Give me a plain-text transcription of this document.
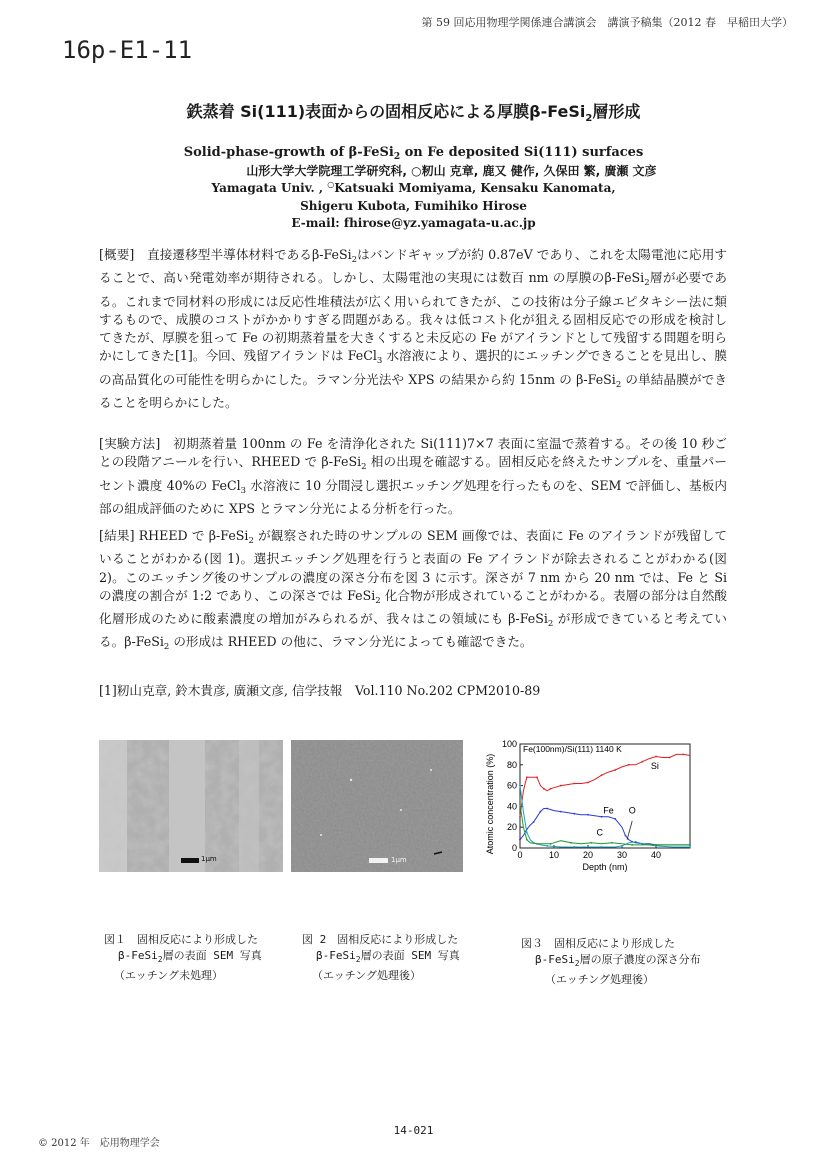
第 59 回応用物理学関係連合講演会　講演予稿集（2012 春　早稲田大学）
16p-E1-11
鉄蒸着 Si(111)表面からの固相反応による厚膜β-FeSi$_2$層形成
Solid-phase-growth of β-FeSi$_2$ on Fe deposited Si(111) surfaces
山形大学大学院理工学研究科, ○籾山 克章, 鹿又 健作, 久保田 繁, 廣瀬 文彦
Yamagata Univ. , ○Katsuaki Momiyama, Kensaku Kanomata,
Shigeru Kubota, Fumihiko Hirose
E-mail: fhirose@yz.yamagata-u.ac.jp
[概要]　直接遷移型半導体材料であるβ-FeSi$_2$はバンドギャップが約 0.87eV であり、これを太陽電池に応用することで、高い発電効率が期待される。しかし、太陽電池の実現には数百 nm の厚膜のβ-FeSi$_2$層が必要である。これまで同材料の形成には反応性堆積法が広く用いられてきたが、この技術は分子線エピタキシー法に類するもので、成膜のコストがかかりすぎる問題がある。我々は低コスト化が狙える固相反応での形成を検討してきたが、厚膜を狙って Fe の初期蒸着量を大きくすると未反応の Fe がアイランドとして残留する問題を明らかにしてきた[1]。今回、残留アイランドは FeCl$_3$ 水溶液により、選択的にエッチングできることを見出し、膜の高品質化の可能性を明らかにした。ラマン分光法や XPS の結果から約 15nm の β-FeSi$_2$ の単結晶膜ができることを明らかにした。
[実験方法]　初期蒸着量 100nm の Fe を清浄化された Si(111)7×7 表面に室温で蒸着する。その後 10 秒ごとの段階アニールを行い、RHEED で β-FeSi$_2$ 相の出現を確認する。固相反応を終えたサンプルを、重量パーセント濃度 40%の FeCl$_3$ 水溶液に 10 分間浸し選択エッチング処理を行ったものを、SEM で評価し、基板内部の組成評価のために XPS とラマン分光による分析を行った。
[結果] RHEED で β-FeSi$_2$ が観察された時のサンプルの SEM 画像では、表面に Fe のアイランドが残留していることがわかる(図 1)。選択エッチング処理を行うと表面の Fe アイランドが除去されることがわかる(図 2)。このエッチング後のサンプルの濃度の深さ分布を図 3 に示す。深さが 7 nm から 20 nm では、Fe と Si の濃度の割合が 1:2 であり、この深さでは FeSi$_2$ 化合物が形成されていることがわかる。表層の部分は自然酸化層形成のために酸素濃度の増加がみられるが、我々はこの領域にも β-FeSi$_2$ が形成できていると考えている。β-FeSi$_2$ の形成は RHEED の他に、ラマン分光によっても確認できた。
[1]籾山克章, 鈴木貴彦, 廣瀬文彦, 信学技報　Vol.110 No.202 CPM2010-89
1μm	1μm
0
20
40
60
80
100
0	10	20	30	40
Depth (nm)
Atomic concentration (%)
Fe(100nm)/Si(111) 1140 K
Si
Fe O
C
図１　固相反応により形成した
β-FeSi$_2$層の表面 SEM 写真
（エッチング未処理）
図 2　固相反応により形成した
β-FeSi$_2$層の表面 SEM 写真
（エッチング処理後）
図３　固相反応により形成した
β-FeSi$_2$層の原子濃度の深さ分布
（エッチング処理後）
© 2012 年　応用物理学会
14-021
